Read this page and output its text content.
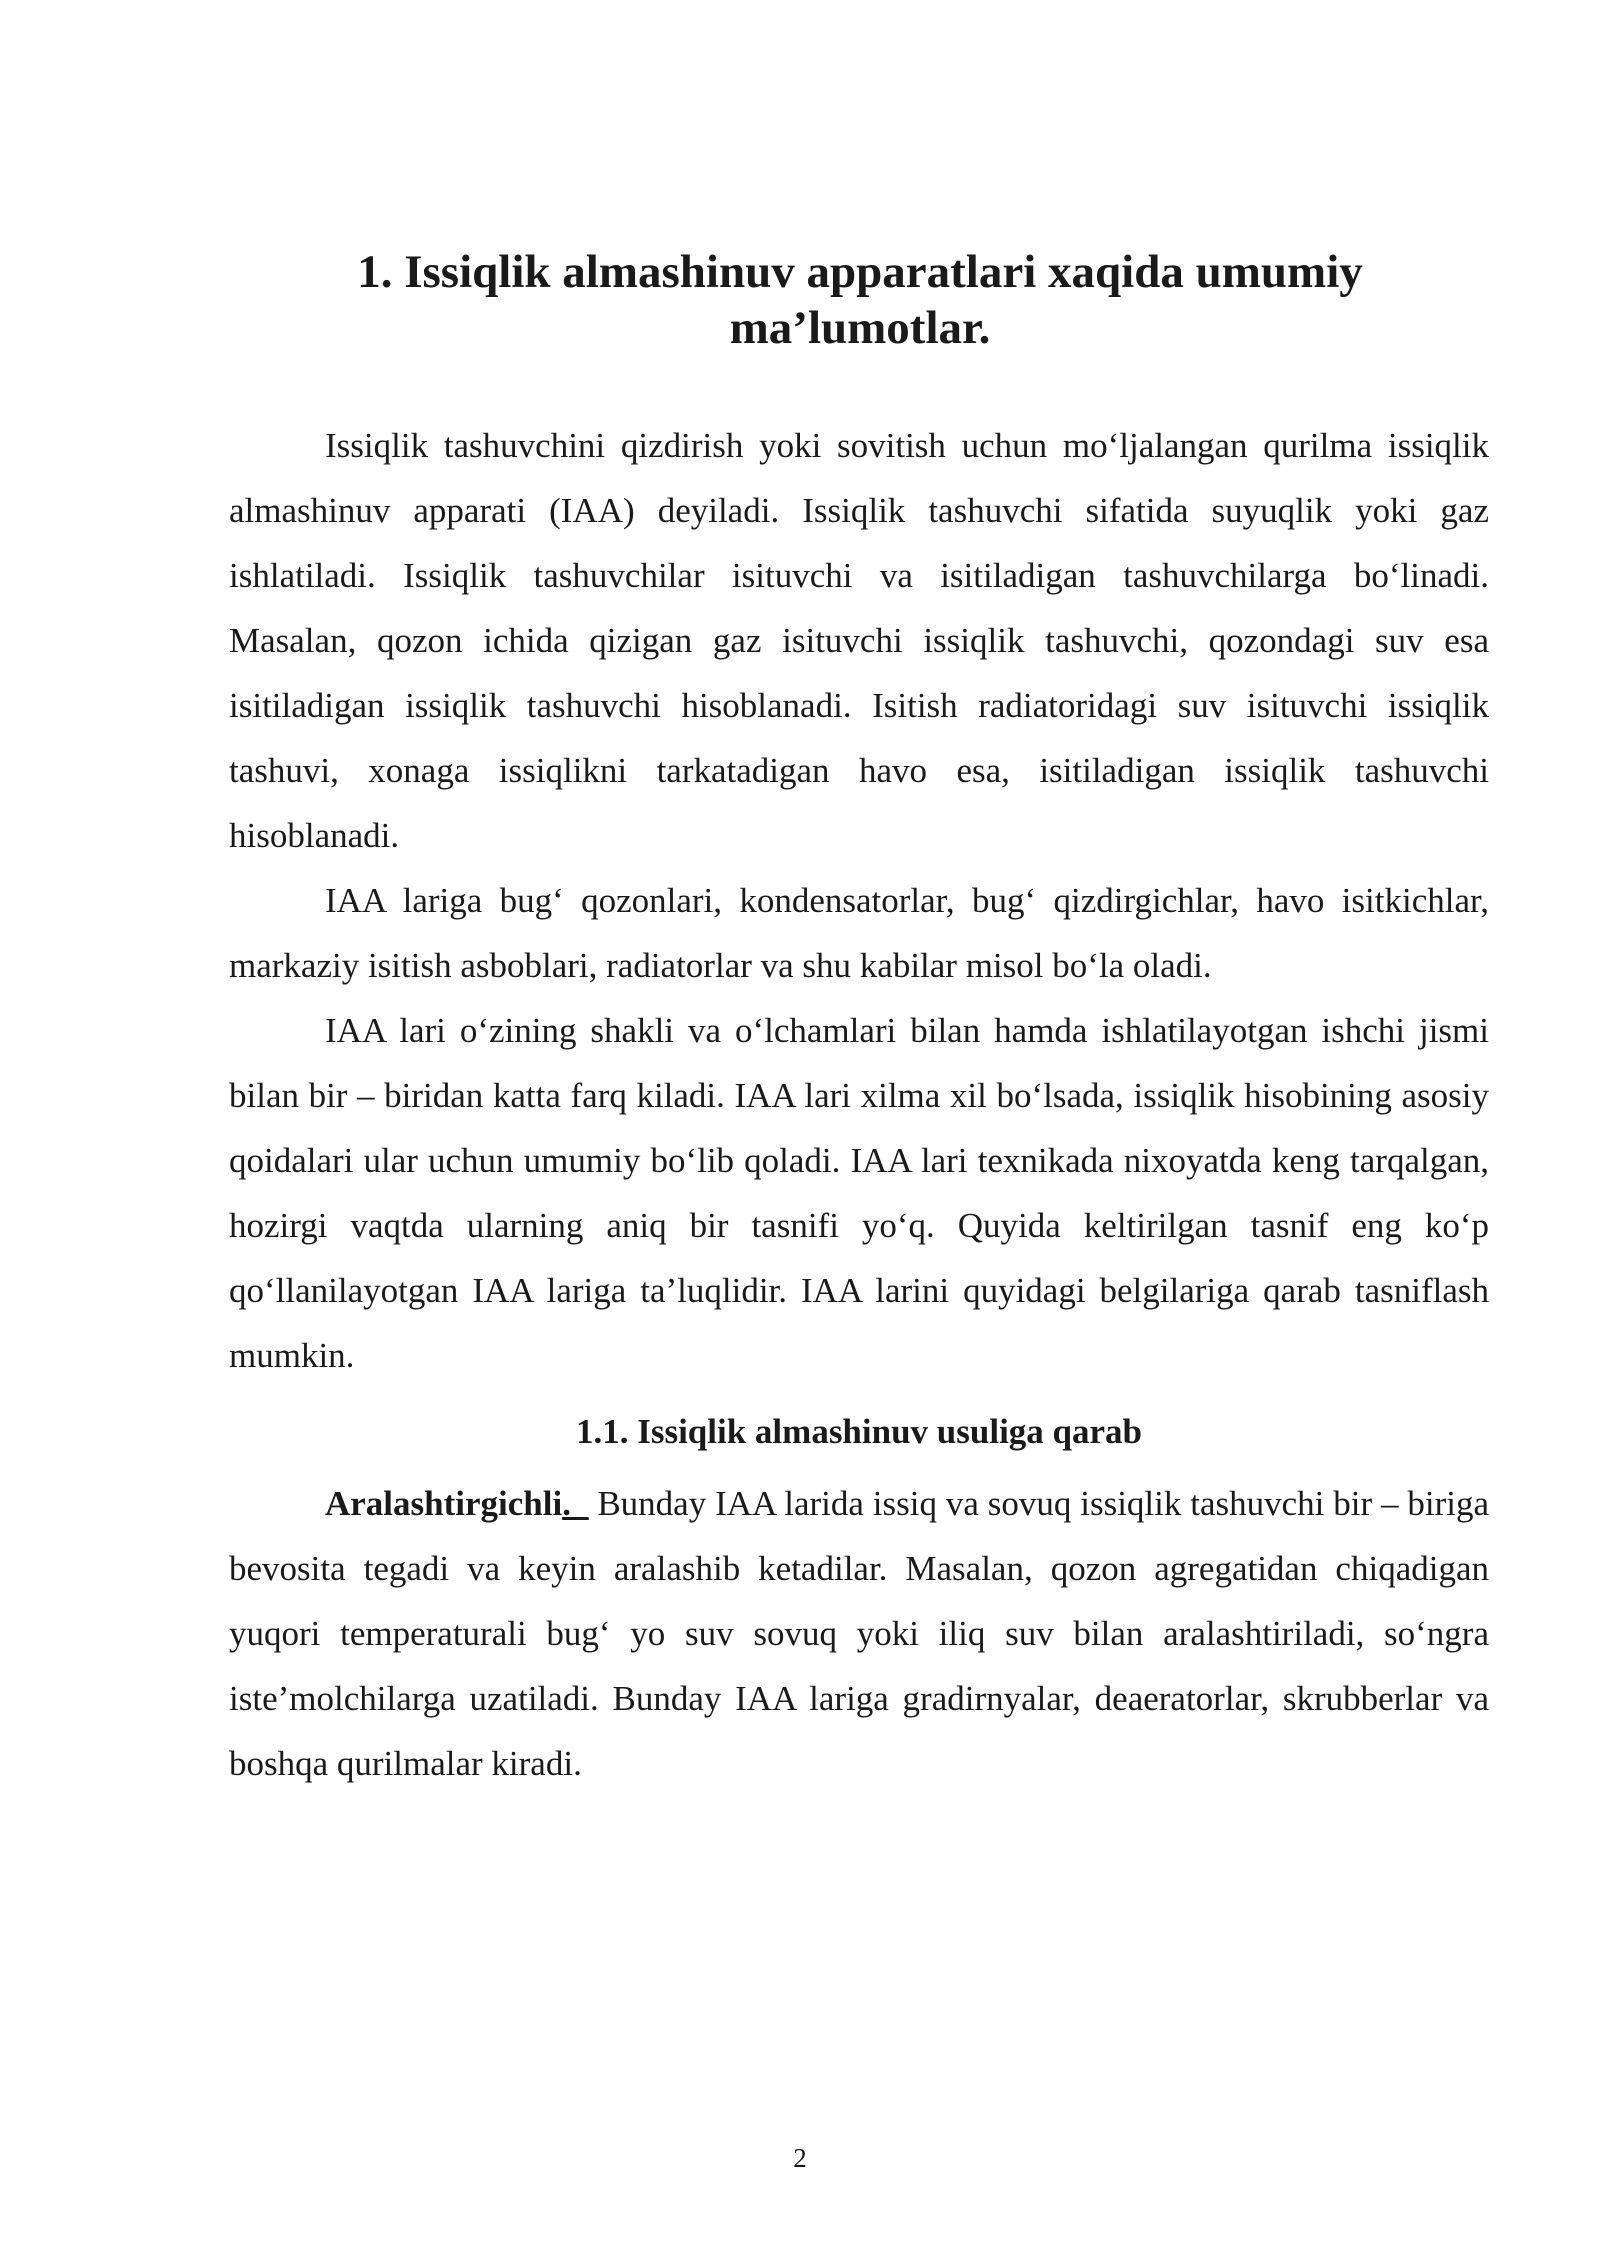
1. Issiqlik almashinuv apparatlari xaqida umumiy
ma’lumotlar.

Issiqlik tashuvchini qizdirish yoki sovitish uchun mo‘ljalangan qurilma issiqlik almashinuv apparati (IAA) deyiladi. Issiqlik tashuvchi sifatida suyuqlik yoki gaz ishlatiladi. Issiqlik tashuvchilar isituvchi va isitiladigan tashuvchilarga bo‘linadi. Masalan, qozon ichida qizigan gaz isituvchi issiqlik tashuvchi, qozondagi suv esa isitiladigan issiqlik tashuvchi hisoblanadi. Isitish radiatoridagi suv isituvchi issiqlik tashuvi, xonaga issiqlikni tarkatadigan havo esa, isitiladigan issiqlik tashuvchi hisoblanadi.

IAA lariga bug‘ qozonlari, kondensatorlar, bug‘ qizdirgichlar, havo isitkichlar, markaziy isitish asboblari, radiatorlar va shu kabilar misol bo‘la oladi.

IAA lari o‘zining shakli va o‘lchamlari bilan hamda ishlatilayotgan ishchi jismi bilan bir – biridan katta farq kiladi. IAA lari xilma xil bo‘lsada, issiqlik hisobining asosiy qoidalari ular uchun umumiy bo‘lib qoladi. IAA lari texnikada nixoyatda keng tarqalgan, hozirgi vaqtda ularning aniq bir tasnifi yo‘q. Quyida keltirilgan tasnif eng ko‘p qo‘llanilayotgan IAA lariga ta’luqlidir. IAA larini quyidagi belgilariga qarab tasniflash mumkin.

1.1. Issiqlik almashinuv usuliga qarab

Aralashtirgichli._ Bunday IAA larida issiq va sovuq issiqlik tashuvchi bir – biriga bevosita tegadi va keyin aralashib ketadilar. Masalan, qozon agregatidan chiqadigan yuqori temperaturali bug‘ yo suv sovuq yoki iliq suv bilan aralashtiriladi, so‘ngra iste’molchilarga uzatiladi. Bunday IAA lariga gradirnyalar, deaeratorlar, skrubberlar va boshqa qurilmalar kiradi.

2
